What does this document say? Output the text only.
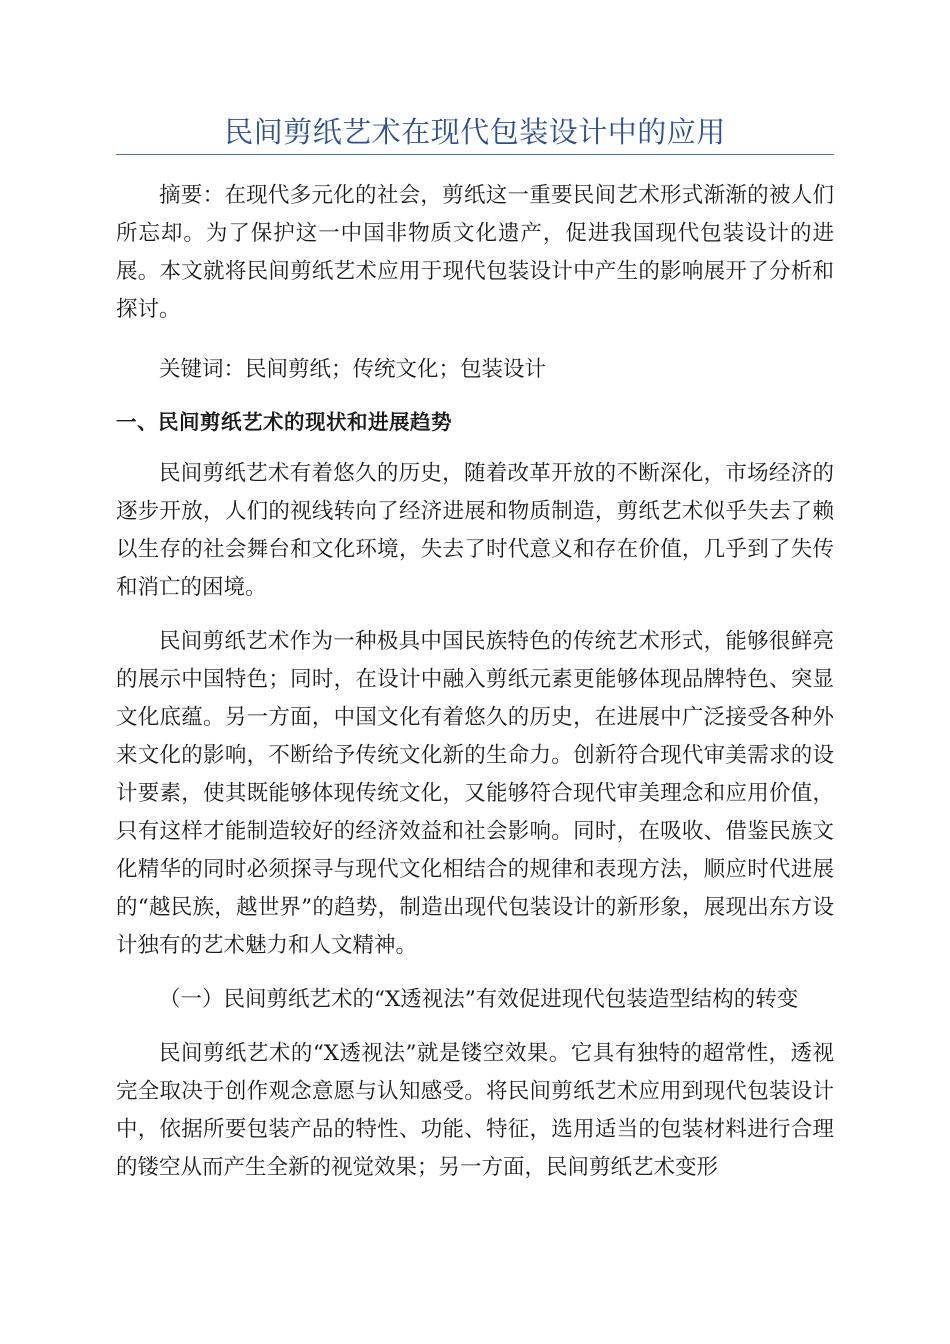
民间剪纸艺术在现代包装设计中的应用

摘要：在现代多元化的社会，剪纸这一重要民间艺术形式渐渐的被人们所忘却。为了保护这一中国非物质文化遗产，促进我国现代包装设计的进展。本文就将民间剪纸艺术应用于现代包装设计中产生的影响展开了分析和探讨。

关键词：民间剪纸；传统文化；包装设计

一、民间剪纸艺术的现状和进展趋势

民间剪纸艺术有着悠久的历史，随着改革开放的不断深化，市场经济的逐步开放，人们的视线转向了经济进展和物质制造，剪纸艺术似乎失去了赖以生存的社会舞台和文化环境，失去了时代意义和存在价值，几乎到了失传和消亡的困境。

民间剪纸艺术作为一种极具中国民族特色的传统艺术形式，能够很鲜亮的展示中国特色；同时，在设计中融入剪纸元素更能够体现品牌特色、突显文化底蕴。另一方面，中国文化有着悠久的历史，在进展中广泛接受各种外来文化的影响，不断给予传统文化新的生命力。创新符合现代审美需求的设计要素，使其既能够体现传统文化，又能够符合现代审美理念和应用价值，只有这样才能制造较好的经济效益和社会影响。同时，在吸收、借鉴民族文化精华的同时必须探寻与现代文化相结合的规律和表现方法，顺应时代进展的“越民族，越世界”的趋势，制造出现代包装设计的新形象，展现出东方设计独有的艺术魅力和人文精神。

（一）民间剪纸艺术的“X透视法”有效促进现代包装造型结构的转变

民间剪纸艺术的“X透视法”就是镂空效果。它具有独特的超常性，透视完全取决于创作观念意愿与认知感受。将民间剪纸艺术应用到现代包装设计中，依据所要包装产品的特性、功能、特征，选用适当的包装材料进行合理的镂空从而产生全新的视觉效果；另一方面，民间剪纸艺术变形
